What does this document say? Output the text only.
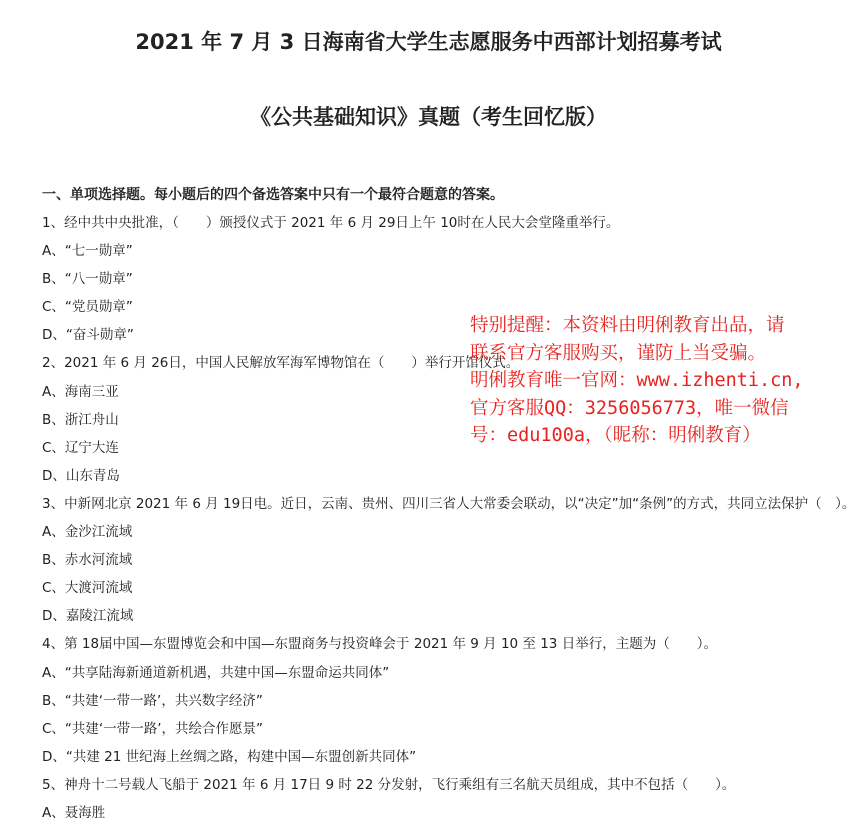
2021 年 7 月 3 日海南省大学生志愿服务中西部计划招募考试
《公共基础知识》真题（考生回忆版）
一、单项选择题。每小题后的四个备选答案中只有一个最符合题意的答案。
1、经中共中央批准，（　　）颁授仪式于 2021 年 6 月 29日上午 10时在人民大会堂隆重举行。
A、“七一勋章”
B、“八一勋章”
C、“党员勋章”
D、“奋斗勋章”
2、2021 年 6 月 26日，中国人民解放军海军博物馆在（　　）举行开馆仪式。
A、海南三亚
B、浙江舟山
C、辽宁大连
D、山东青岛
3、中新网北京 2021 年 6 月 19日电。近日，云南、贵州、四川三省人大常委会联动，以“决定”加“条例”的方式，共同立法保护（　）。
A、金沙江流域
B、赤水河流域
C、大渡河流域
D、嘉陵江流域
4、第 18届中国—东盟博览会和中国—东盟商务与投资峰会于 2021 年 9 月 10 至 13 日举行，主题为（　　）。
A、“共享陆海新通道新机遇，共建中国—东盟命运共同体”
B、“共建‘一带一路’，共兴数字经济”
C、“共建‘一带一路’，共绘合作愿景”
D、“共建 21 世纪海上丝绸之路，构建中国—东盟创新共同体”
5、神舟十二号载人飞船于 2021 年 6 月 17日 9 时 22 分发射，飞行乘组有三名航天员组成，其中不包括（　　）。
A、聂海胜
特别提醒：本资料由明俐教育出品，请
联系官方客服购买，谨防上当受骗。
明俐教育唯一官网：www.izhenti.cn,
官方客服QQ：3256056773，唯一微信
号：edu100a，（昵称：明俐教育）
